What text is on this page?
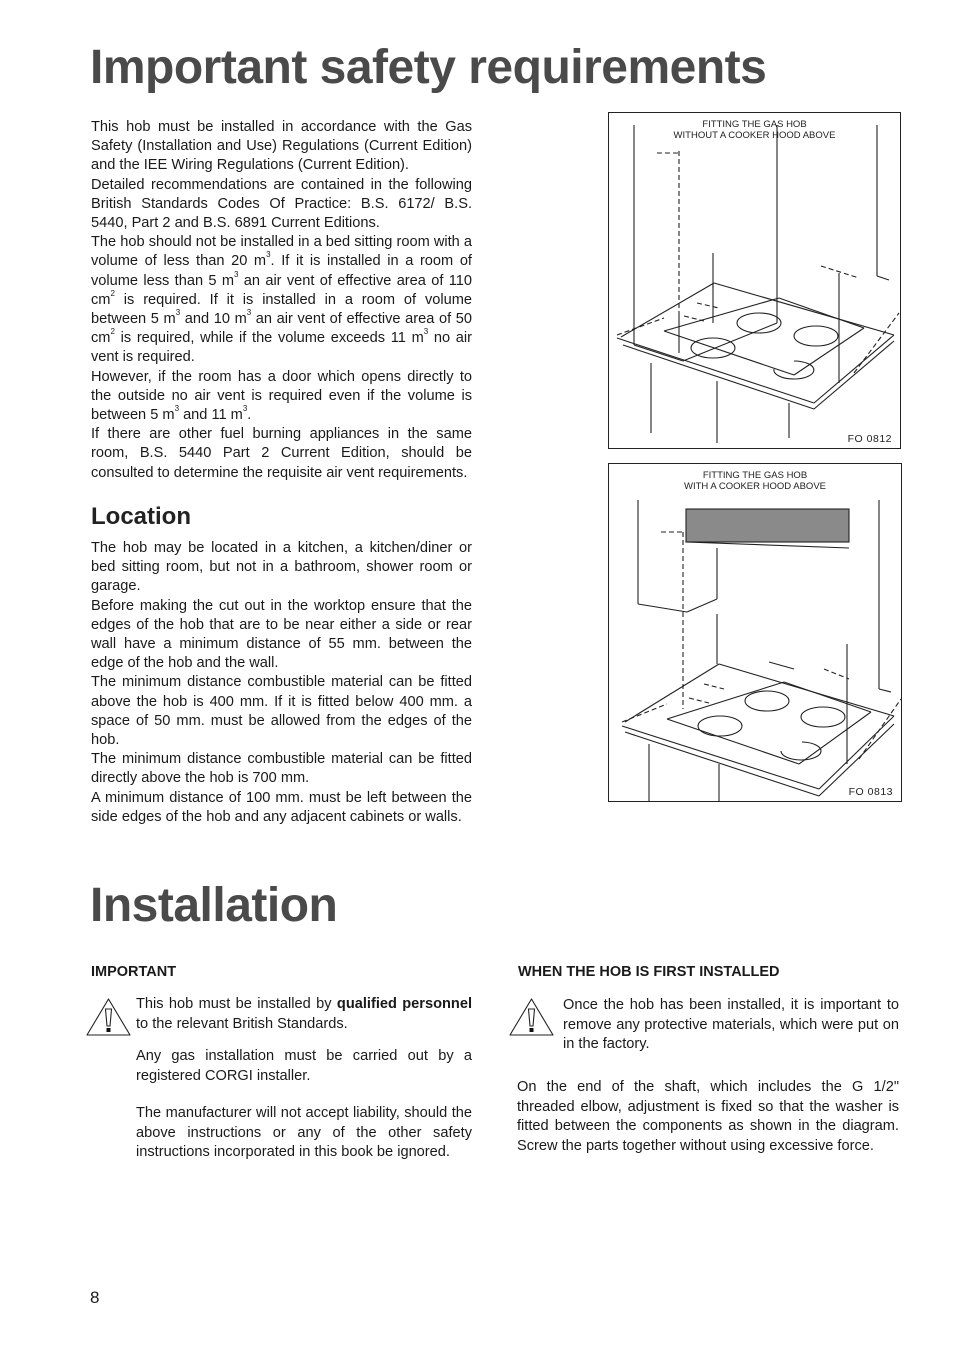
Important safety requirements

This hob must be installed in accordance with the Gas Safety (Installation and Use) Regulations (Current Edition) and the IEE Wiring Regulations (Current Edition).

Detailed recommendations are contained in the following British Standards Codes Of Practice: B.S. 6172/ B.S. 5440, Part 2 and B.S. 6891 Current Editions.

The hob should not be installed in a bed sitting room with a volume of less than 20 $m^3$. If it is installed in a room of volume less than 5 $m^3$ an air vent of effective area of 110 $cm^2$ is required. If it is installed in a room of volume between 5 $m^3$ and 10 $m^3$ an air vent of effective area of 50 $cm^2$ is required, while if the volume exceeds 11 $m^3$ no air vent is required.

However, if the room has a door which opens directly to the outside no air vent is required even if the volume is between 5 $m^3$ and 11 $m^3$.

If there are other fuel burning appliances in the same room, B.S. 5440 Part 2 Current Edition, should be consulted to determine the requisite air vent requirements.

Location

The hob may be located in a kitchen, a kitchen/diner or bed sitting room, but not in a bathroom, shower room or garage.

Before making the cut out in the worktop ensure that the edges of the hob that are to be near either a side or rear wall have a minimum distance of 55 mm. between the edge of the hob and the wall.

The minimum distance combustible material can be fitted above the hob is 400 mm. If it is fitted below 400 mm. a space of 50 mm. must be allowed from the edges of the hob.

The minimum distance combustible material can be fitted directly above the hob is 700 mm.

A minimum distance of 100 mm. must be left between the side edges of the hob and any adjacent cabinets or walls.

FITTING THE GAS HOB
WITHOUT A COOKER HOOD ABOVE
FO 0812
FITTING THE GAS HOB
WITH A COOKER HOOD ABOVE
FO 0813
Installation
IMPORTANT

This hob must be installed by qualified personnel to the relevant British Standards.

Any gas installation must be carried out by a registered CORGI installer.

The manufacturer will not accept liability, should the above instructions or any of the other safety instructions incorporated in this book be ignored.

WHEN THE HOB IS FIRST INSTALLED

Once the hob has been installed, it is important to remove any protective materials, which were put on in the factory.

On the end of the shaft, which includes the G 1/2" threaded elbow, adjustment is fixed so that the washer is fitted between the components as shown in the diagram. Screw the parts together without using excessive force.

8
